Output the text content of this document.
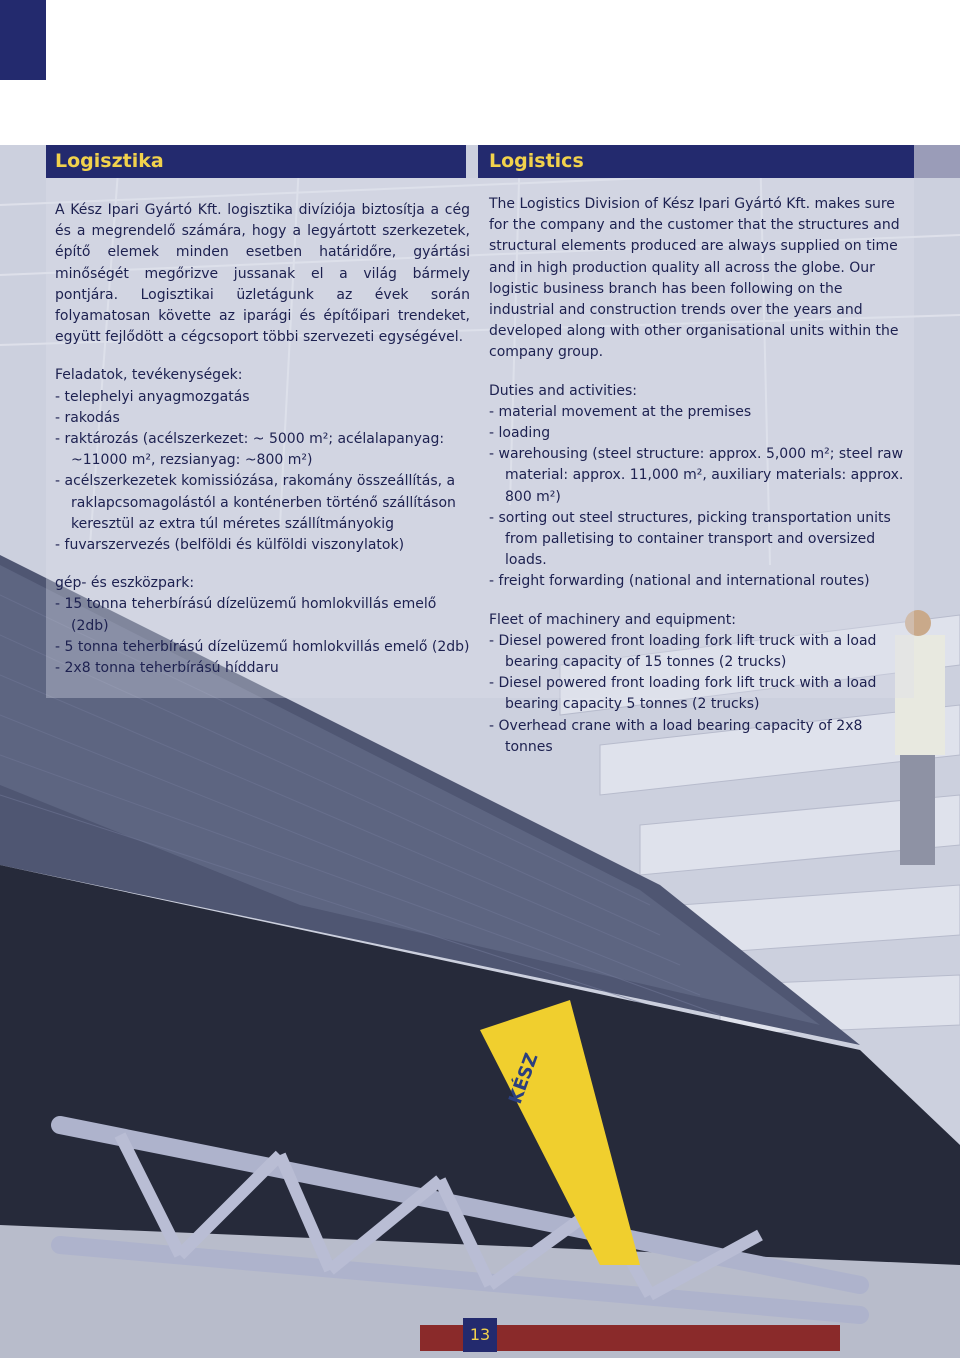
KÉSZ
Logisztika	Logistics

A Kész Ipari Gyártó Kft. logisztika divíziója biztosítja a cég és a megrendelő számára, hogy a legyártott szerkezetek, építő elemek minden esetben határidőre, gyártási minőségét megőrizve jussanak el a világ bármely pontjára. Logisztikai üzletágunk az évek során folyamatosan követte az iparági és építőipari trendeket, együtt fejlődött a cégcsoport többi szervezeti egységével.

Feladatok, tevékenységek:
- telephelyi anyagmozgatás
- rakodás
- raktározás (acélszerkezet: ~ 5000 m²; acélalapanyag: ~11000 m², rezsianyag: ~800 m²)
- acélszerkezetek komissiózása, rakomány összeállítás, a raklapcsomagolástól a konténerben történő szállításon keresztül az extra túl méretes szállítmányokig
- fuvarszervezés (belföldi és külföldi viszonylatok)
gép- és eszközpark:
- 15 tonna teherbírású dízelüzemű homlokvillás emelő (2db)
- 5 tonna teherbírású dízelüzemű homlokvillás emelő (2db)
- 2x8 tonna teherbírású híddaru

The Logistics Division of Kész Ipari Gyártó Kft. makes sure for the company and the customer that the structures and structural elements produced are always supplied on time and in high production quality all across the globe. Our logistic business branch has been following on the industrial and construction trends over the years and developed along with other organisational units within the company group.

Duties and activities:
- material movement at the premises
- loading
- warehousing (steel structure: approx. 5,000 m²; steel raw material: approx. 11,000 m², auxiliary materials: approx. 800 m²)
- sorting out steel structures, picking transportation units from palletising to container transport and oversized loads.
- freight forwarding (national and international routes)
Fleet of machinery and equipment:
- Diesel powered front loading fork lift truck with a load bearing capacity of 15 tonnes (2 trucks)
- Diesel powered front loading fork lift truck with a load bearing capacity 5 tonnes (2 trucks)
- Overhead crane with a load bearing capacity of 2x8 tonnes
13
